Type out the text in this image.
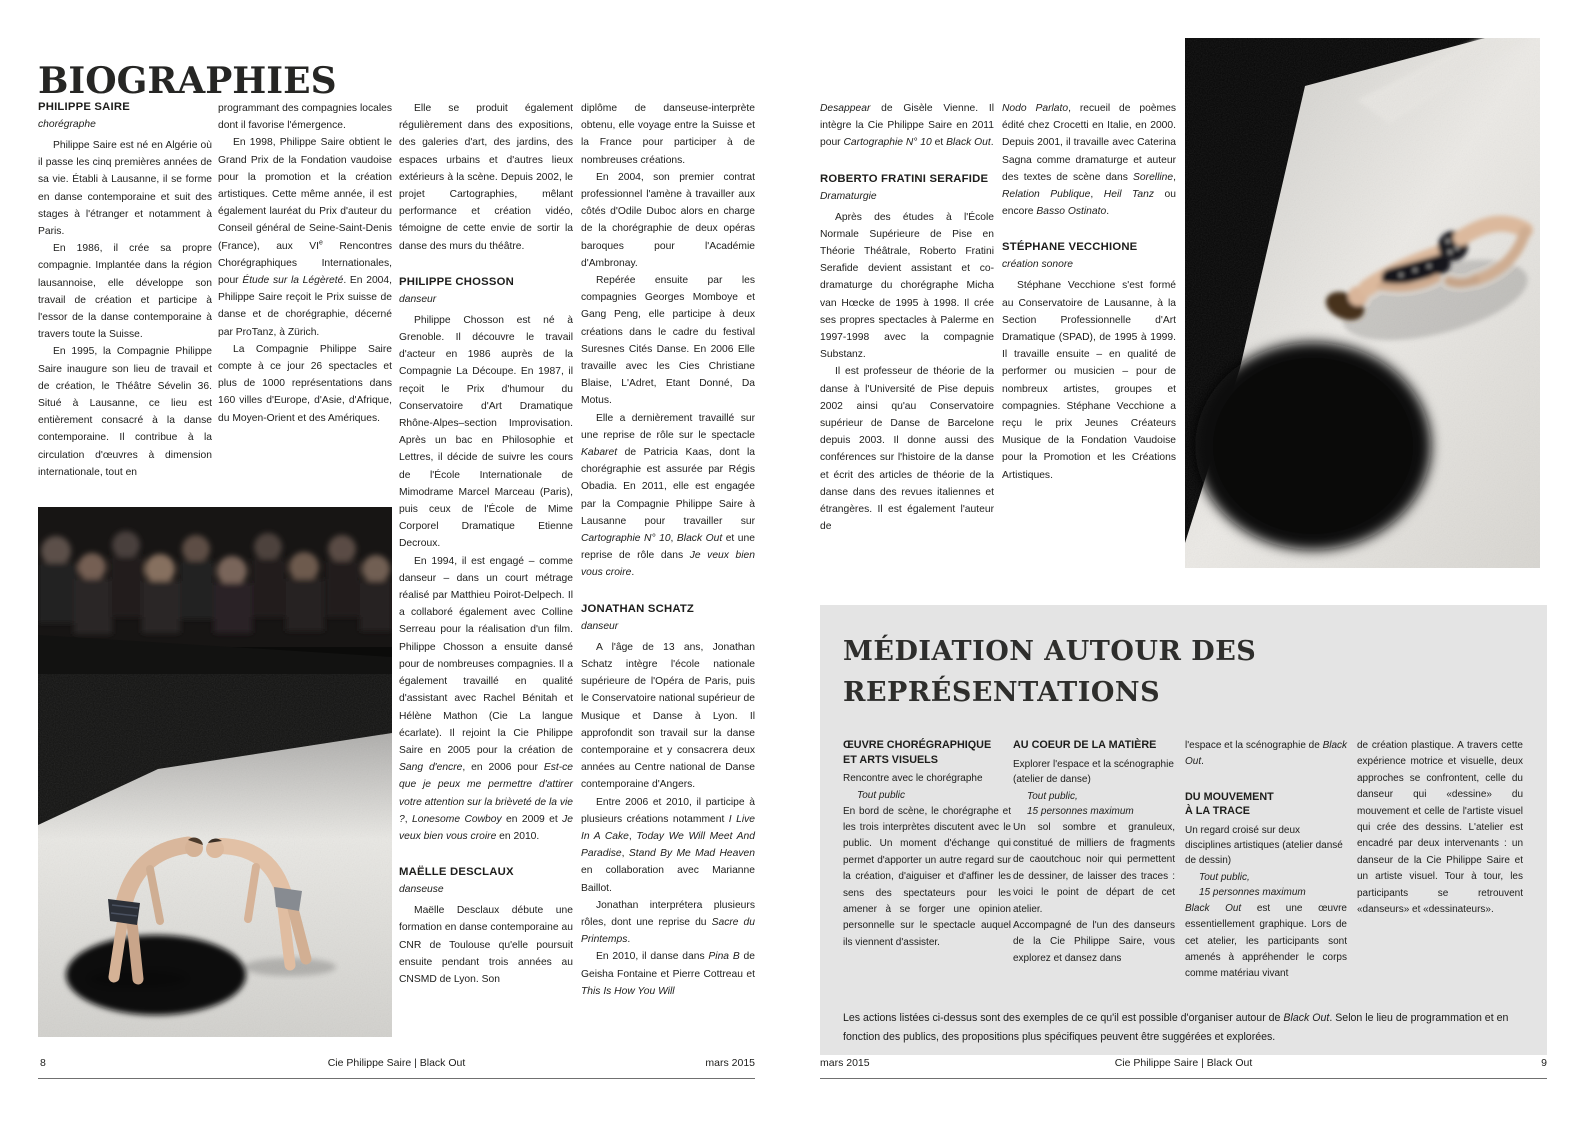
BIOGRAPHIES
PHILIPPE SAIRE
chorégraphe
Philippe Saire est né en Algérie où il passe les cinq premières années de sa vie. Établi à Lausanne, il se forme en danse contemporaine et suit des stages à l'étranger et notamment à Paris.
En 1986, il crée sa propre compagnie. Implantée dans la région lausannoise, elle développe son travail de création et participe à l'essor de la danse contemporaine à travers toute la Suisse.
En 1995, la Compagnie Philippe Saire inaugure son lieu de travail et de création, le Théâtre Sévelin 36. Situé à Lausanne, ce lieu est entièrement consacré à la danse contemporaine. Il contribue à la circulation d'œuvres à dimension internationale, tout en
programmant des compagnies locales dont il favorise l'émergence.
En 1998, Philippe Saire obtient le Grand Prix de la Fondation vaudoise pour la promotion et la création artistiques. Cette même année, il est également lauréat du Prix d'auteur du Conseil général de Seine-Saint-Denis (France), aux VIe Rencontres Chorégraphiques Internationales, pour Étude sur la Légèreté. En 2004, Philippe Saire reçoit le Prix suisse de danse et de chorégraphie, décerné par ProTanz, à Zürich.
La Compagnie Philippe Saire compte à ce jour 26 spectacles et plus de 1000 représentations dans 160 villes d'Europe, d'Asie, d'Afrique, du Moyen-Orient et des Amériques.
Elle se produit également régulièrement dans des expositions, des galeries d'art, des jardins, des espaces urbains et d'autres lieux extérieurs à la scène. Depuis 2002, le projet Cartographies, mêlant performance et création vidéo, témoigne de cette envie de sortir la danse des murs du théâtre.
PHILIPPE CHOSSON
danseur
Philippe Chosson est né à Grenoble. Il découvre le travail d'acteur en 1986 auprès de la Compagnie La Découpe. En 1987, il reçoit le Prix d'humour du Conservatoire d'Art Dramatique Rhône-Alpes–section Improvisation. Après un bac en Philosophie et Lettres, il décide de suivre les cours de l'École Internationale de Mimodrame Marcel Marceau (Paris), puis ceux de l'École de Mime Corporel Dramatique Etienne Decroux.
En 1994, il est engagé – comme danseur – dans un court métrage réalisé par Matthieu Poirot-Delpech. Il a collaboré également avec Colline Serreau pour la réalisation d'un film. Philippe Chosson a ensuite dansé pour de nombreuses compagnies. Il a également travaillé en qualité d'assistant avec Rachel Bénitah et Hélène Mathon (Cie La langue écarlate). Il rejoint la Cie Philippe Saire en 2005 pour la création de Sang d'encre, en 2006 pour Est-ce que je peux me permettre d'attirer votre attention sur la brièveté de la vie ?, Lonesome Cowboy en 2009 et Je veux bien vous croire en 2010.
MAËLLE DESCLAUX
danseuse
Maëlle Desclaux débute une formation en danse contemporaine au CNR de Toulouse qu'elle poursuit ensuite pendant trois années au CNSMD de Lyon. Son
diplôme de danseuse-interprète obtenu, elle voyage entre la Suisse et la France pour participer à de nombreuses créations.
En 2004, son premier contrat professionnel l'amène à travailler aux côtés d'Odile Duboc alors en charge de la chorégraphie de deux opéras baroques pour l'Académie d'Ambronay.
Repérée ensuite par les compagnies Georges Momboye et Gang Peng, elle participe à deux créations dans le cadre du festival Suresnes Cités Danse. En 2006 Elle travaille avec les Cies Christiane Blaise, L'Adret, Etant Donné, Da Motus.
Elle a dernièrement travaillé sur une reprise de rôle sur le spectacle Kabaret de Patricia Kaas, dont la chorégraphie est assurée par Régis Obadia. En 2011, elle est engagée par la Compagnie Philippe Saire à Lausanne pour travailler sur Cartographie N° 10, Black Out et une reprise de rôle dans Je veux bien vous croire.
JONATHAN SCHATZ
danseur
A l'âge de 13 ans, Jonathan Schatz intègre l'école nationale supérieure de l'Opéra de Paris, puis le Conservatoire national supérieur de Musique et Danse à Lyon. Il approfondit son travail sur la danse contemporaine et y consacrera deux années au Centre national de Danse contemporaine d'Angers.
Entre 2006 et 2010, il participe à plusieurs créations notamment I Live In A Cake, Today We Will Meet And Paradise, Stand By Me Mad Heaven en collaboration avec Marianne Baillot.
Jonathan interprétera plusieurs rôles, dont une reprise du Sacre du Printemps.
En 2010, il danse dans Pina B de Geisha Fontaine et Pierre Cottreau et This Is How You Will
8	Cie Philippe Saire | Black Out	mars 2015
Desappear de Gisèle Vienne. Il intègre la Cie Philippe Saire en 2011 pour Cartographie N° 10 et Black Out.
ROBERTO FRATINI SERAFIDE
Dramaturgie
Après des études à l'École Normale Supérieure de Pise en Théorie Théâtrale, Roberto Fratini Serafide devient assistant et co-dramaturge du chorégraphe Micha van Hœcke de 1995 à 1998. Il crée ses propres spectacles à Palerme en 1997-1998 avec la compagnie Substanz.
Il est professeur de théorie de la danse à l'Université de Pise depuis 2002 ainsi qu'au Conservatoire supérieur de Danse de Barcelone depuis 2003. Il donne aussi des conférences sur l'histoire de la danse et écrit des articles de théorie de la danse dans des revues italiennes et étrangères. Il est également l'auteur de
Nodo Parlato, recueil de poèmes édité chez Crocetti en Italie, en 2000. Depuis 2001, il travaille avec Caterina Sagna comme dramaturge et auteur des textes de scène dans Sorelline, Relation Publique, Heil Tanz ou encore Basso Ostinato.
STÉPHANE VECCHIONE
création sonore
Stéphane Vecchione s'est formé au Conservatoire de Lausanne, à la Section Professionnelle d'Art Dramatique (SPAD), de 1995 à 1999. Il travaille ensuite – en qualité de performer ou musicien – pour de nombreux artistes, groupes et compagnies. Stéphane Vecchione a reçu le prix Jeunes Créateurs Musique de la Fondation Vaudoise pour la Promotion et les Créations Artistiques.
MÉDIATION AUTOUR DES
REPRÉSENTATIONS
ŒUVRE CHORÉGRAPHIQUE
ET ARTS VISUELS
Rencontre avec le chorégraphe
Tout public
En bord de scène, le chorégraphe et les trois interprètes discutent avec le public. Un moment d'échange qui permet d'apporter un autre regard sur la création, d'aiguiser et d'affiner les sens des spectateurs pour les amener à se forger une opinion personnelle sur le spectacle auquel ils viennent d'assister.
AU COEUR DE LA MATIÈRE
Explorer l'espace et la scénographie (atelier de danse)
Tout public,
15 personnes maximum
Un sol sombre et granuleux, constitué de milliers de fragments de caoutchouc noir qui permettent de dessiner, de laisser des traces : voici le point de départ de cet atelier.
Accompagné de l'un des danseurs de la Cie Philippe Saire, vous explorez et dansez dans
l'espace et la scénographie de Black Out.
DU MOUVEMENT
À LA TRACE
Un regard croisé sur deux disciplines artistiques (atelier dansé de dessin)
Tout public,
15 personnes maximum
Black Out est une œuvre essentiellement graphique. Lors de cet atelier, les participants sont amenés à appréhender le corps comme matériau vivant
de création plastique. A travers cette expérience motrice et visuelle, deux approches se confrontent, celle du danseur qui «dessine» du mouvement et celle de l'artiste visuel qui crée des dessins. L'atelier est encadré par deux intervenants : un danseur de la Cie Philippe Saire et un artiste visuel. Tour à tour, les participants se retrouvent «danseurs» et «dessinateurs».
Les actions listées ci-dessus sont des exemples de ce qu'il est possible d'organiser autour de Black Out. Selon le lieu de programmation et en fonction des publics, des propositions plus spécifiques peuvent être suggérées et explorées.
mars 2015	Cie Philippe Saire | Black Out	9
